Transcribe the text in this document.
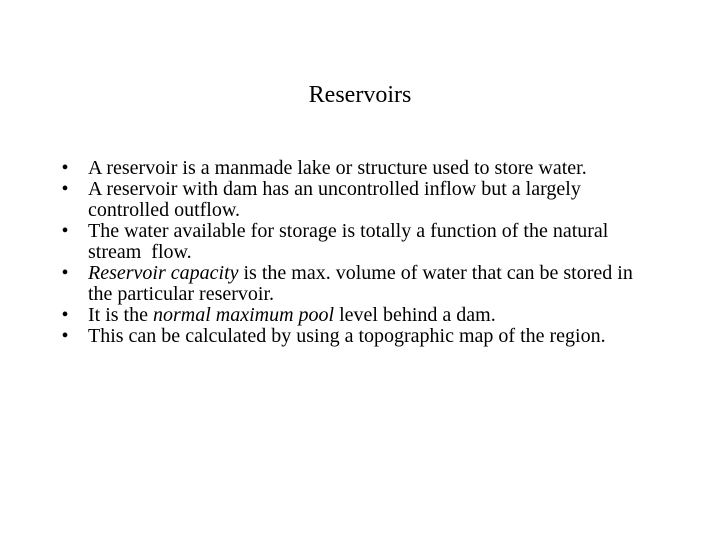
Reservoirs
• A reservoir is a manmade lake or structure used to store water.
• A reservoir with dam has an uncontrolled inflow but a largely controlled outflow.
• The water available for storage is totally a function of the natural stream  flow.
• Reservoir capacity is the max. volume of water that can be stored in the particular reservoir.
• It is the normal maximum pool level behind a dam.
• This can be calculated by using a topographic map of the region.
